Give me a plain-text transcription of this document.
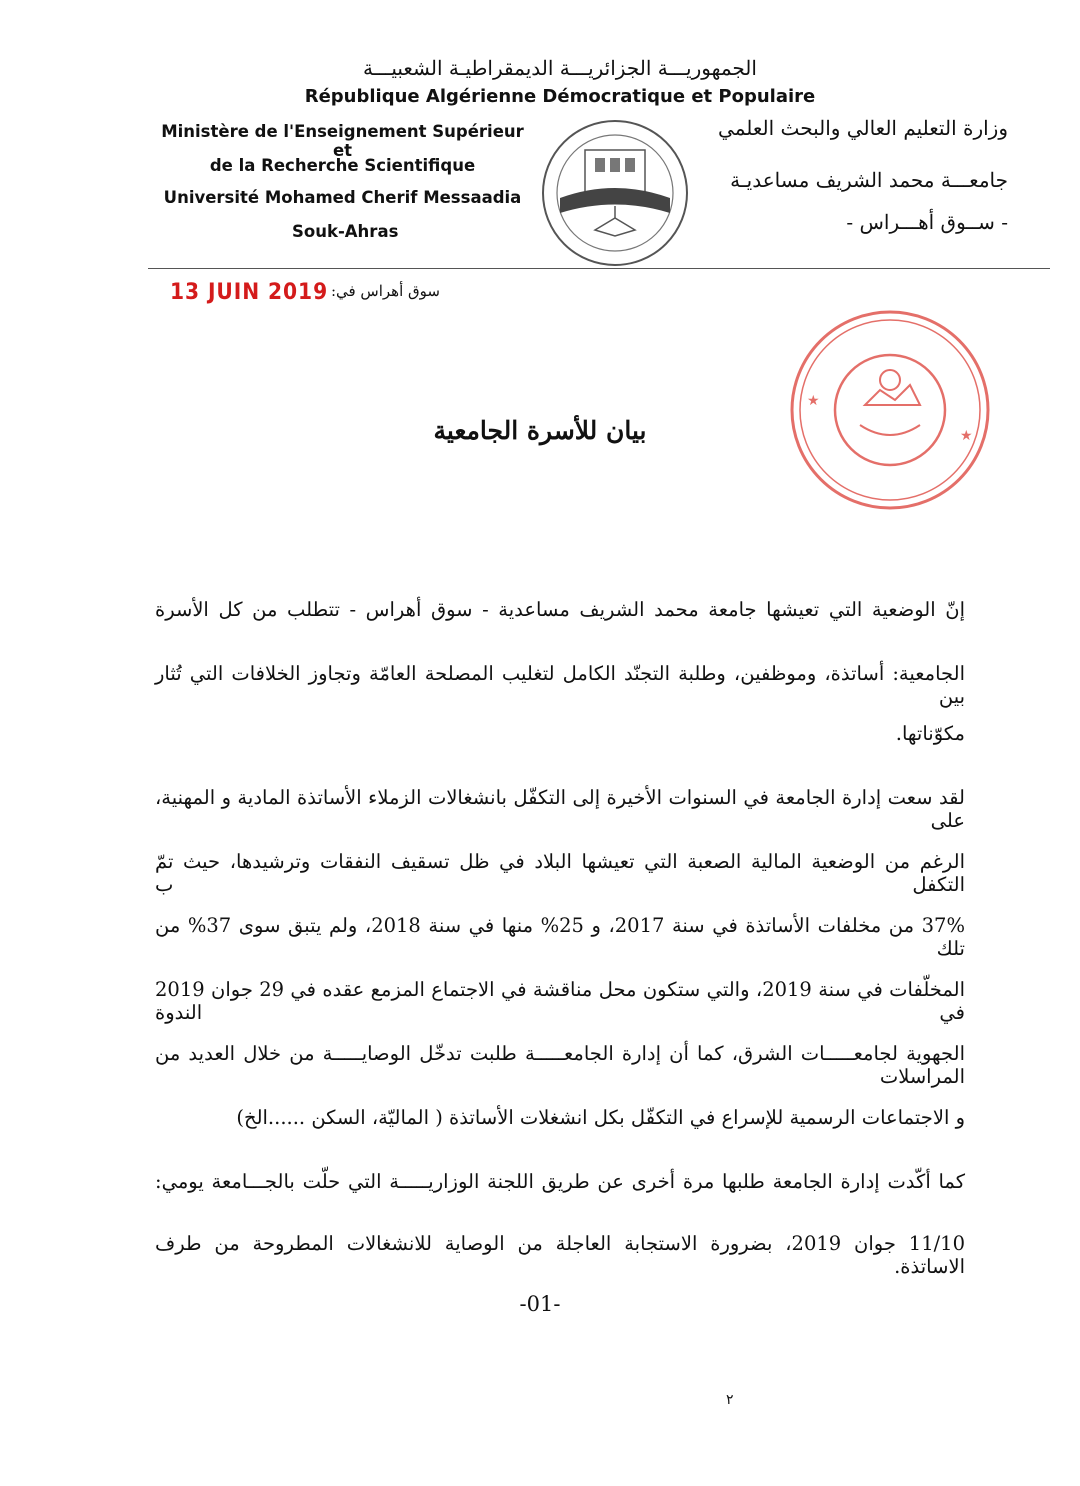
الجمهوريـــة الجزائريـــة الديمقراطيـة الشعبيـــة
République Algérienne Démocratique et Populaire
Ministère de l'Enseignement Supérieur et
de la Recherche Scientifique
Université Mohamed Cherif Messaadia
Souk-Ahras
وزارة التعليم العالي والبحث العلمي
جامعـــة محمد الشريف مساعديـة
- ســوق أهـــراس -
سوق أهراس في:
13 JUIN 2019
★
★
بيان للأسرة الجامعية
إنّ الوضعية التي تعيشها جامعة محمد الشريف مساعدية - سوق أهراس - تتطلب من كل الأسرة
الجامعية: أساتذة، وموظفين، وطلبة التجنّد الكامل لتغليب المصلحة العامّة وتجاوز الخلافات التي تُثار بين
مكوّناتها.
لقد سعت إدارة الجامعة في السنوات الأخيرة إلى التكفّل بانشغالات الزملاء الأساتذة المادية و المهنية، على
الرغم من الوضعية المالية الصعبة التي تعيشها البلاد في ظل تسقيف النفقات وترشيدها، حيث تمّ التكفل ب
37% من مخلفات الأساتذة في سنة 2017، و 25% منها في سنة 2018، ولم يتبق سوى 37% من تلك
المخلّفات في سنة 2019، والتي ستكون محل مناقشة في الاجتماع المزمع عقده في 29 جوان 2019 في الندوة
الجهوية لجامعـــــات الشرق، كما أن إدارة الجامعـــــة طلبت تدخّل الوصايـــــة من خلال العديد من المراسلات
و الاجتماعات الرسمية للإسراع في التكفّل بكل انشغلات الأساتذة ( الماليّة، السكن ......الخ)
كما أكّدت إدارة الجامعة طلبها مرة أخرى عن طريق اللجنة الوزاريـــــة التي حلّت بالجـــامعة يومي:
11/10 جوان 2019، بضرورة الاستجابة العاجلة من الوصاية للانشغالات المطروحة من طرف الاساتذة.
-01-
٢
